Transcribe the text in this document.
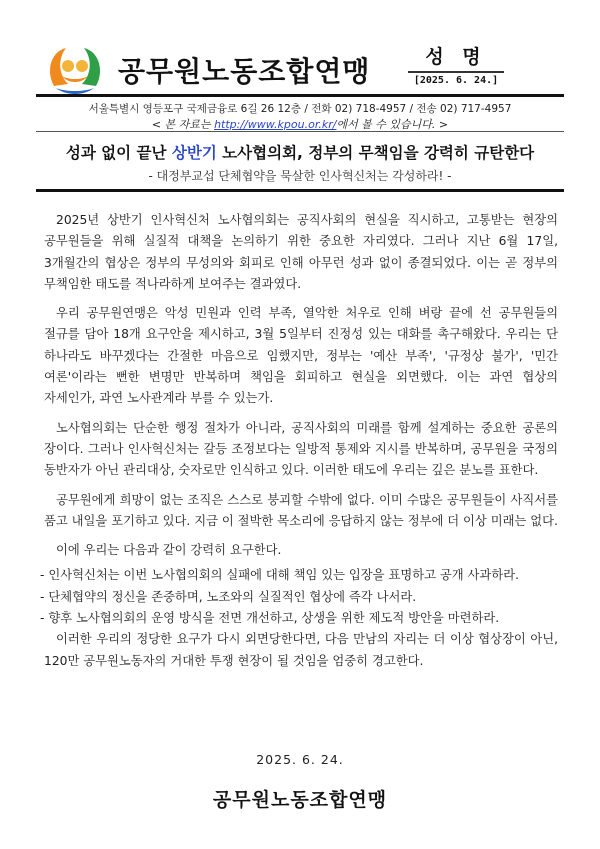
공무원노동조합연맹	성 명
[2025. 6. 24.]
서울특별시 영등포구 국제금융로 6길 26 12층 / 전화 02) 718-4957 / 전송 02) 717-4957
< 본 자료는 http://www.kpou.or.kr/에서 볼 수 있습니다. >
성과 없이 끝난 상반기 노사협의회, 정부의 무책임을 강력히 규탄한다
- 대정부교섭 단체협약을 묵살한 인사혁신처는 각성하라! -

2025년 상반기 인사혁신처 노사협의회는 공직사회의 현실을 직시하고, 고통받는 현장의 공무원들을 위해 실질적 대책을 논의하기 위한 중요한 자리였다. 그러나 지난 6월 17일, 3개월간의 협상은 정부의 무성의와 회피로 인해 아무런 성과 없이 종결되었다. 이는 곧 정부의 무책임한 태도를 적나라하게 보여주는 결과였다.

우리 공무원연맹은 악성 민원과 인력 부족, 열악한 처우로 인해 벼랑 끝에 선 공무원들의 절규를 담아 18개 요구안을 제시하고, 3월 5일부터 진정성 있는 대화를 촉구해왔다. 우리는 단 하나라도 바꾸겠다는 간절한 마음으로 임했지만, 정부는 '예산 부족', '규정상 불가', '민간 여론'이라는 뻔한 변명만 반복하며 책임을 회피하고 현실을 외면했다. 이는 과연 협상의 자세인가, 과연 노사관계라 부를 수 있는가.

노사협의회는 단순한 행정 절차가 아니라, 공직사회의 미래를 함께 설계하는 중요한 공론의 장이다. 그러나 인사혁신처는 갈등 조정보다는 일방적 통제와 지시를 반복하며, 공무원을 국정의 동반자가 아닌 관리대상, 숫자로만 인식하고 있다. 이러한 태도에 우리는 깊은 분노를 표한다.

공무원에게 희망이 없는 조직은 스스로 붕괴할 수밖에 없다. 이미 수많은 공무원들이 사직서를 품고 내일을 포기하고 있다. 지금 이 절박한 목소리에 응답하지 않는 정부에 더 이상 미래는 없다.

이에 우리는 다음과 같이 강력히 요구한다.

- 인사혁신처는 이번 노사협의회의 실패에 대해 책임 있는 입장을 표명하고 공개 사과하라.
- 단체협약의 정신을 존중하며, 노조와의 실질적인 협상에 즉각 나서라.
- 향후 노사협의회의 운영 방식을 전면 개선하고, 상생을 위한 제도적 방안을 마련하라.

이러한 우리의 정당한 요구가 다시 외면당한다면, 다음 만남의 자리는 더 이상 협상장이 아닌, 120만 공무원노동자의 거대한 투쟁 현장이 될 것임을 엄중히 경고한다.

2025. 6. 24.
공무원노동조합연맹
